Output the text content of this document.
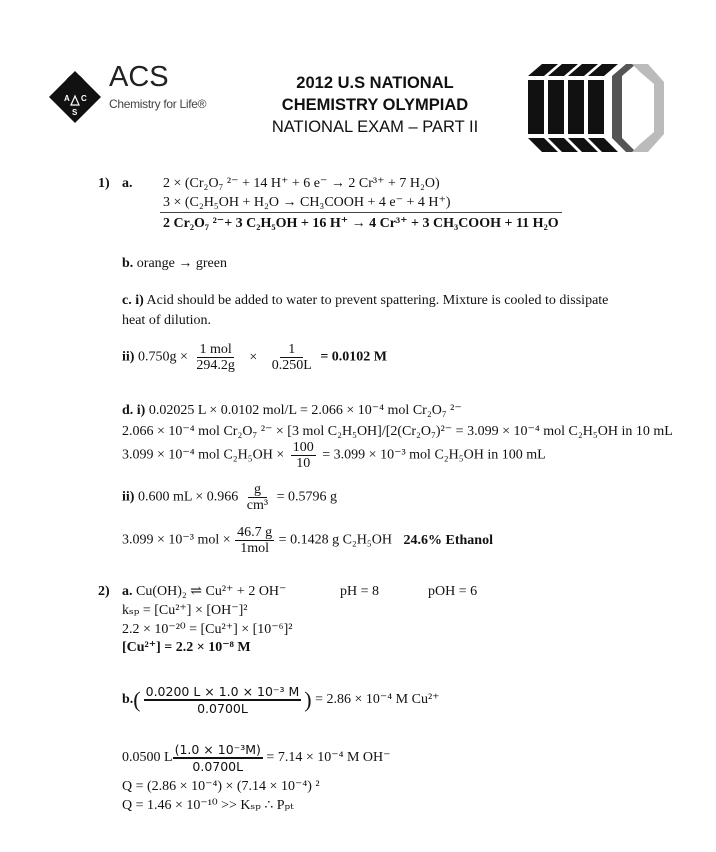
A C
S
ACS
Chemistry for Life®
2012 U.S NATIONAL
CHEMISTRY OLYMPIAD
NATIONAL EXAM – PART II
1) a. 2 × (Cr₂O₇ ²⁻ + 14 H⁺ + 6 e⁻ → 2 Cr³⁺ + 7 H₂O)
3 × (C₂H₅OH + H₂O → CH₃COOH + 4 e⁻ + 4 H⁺)
2 Cr₂O₇ ²⁻+ 3 C₂H₅OH + 16 H⁺ → 4 Cr³⁺ + 3 CH₃COOH + 11 H₂O
b. orange → green
c. i) Acid should be added to water to prevent spattering. Mixture is cooled to dissipate
heat of dilution.
ii) $0.750g \times \frac{\text{1 mol}}{294.2g} \times \frac{1}{0.250L} = 0.0102$ M
d. i) 0.02025 L × 0.0102 mol/L = 2.066 × 10⁻⁴ mol Cr₂O₇ ²⁻
2.066 × 10⁻⁴ mol Cr₂O₇ ²⁻ × [3 mol C₂H₅OH]/[2(Cr₂O₇)²⁻ = 3.099 × 10⁻⁴ mol C₂H₅OH in 10 mL
3.099 × 10⁻⁴ mol $C_2H_5OH \times \frac{100}{10} = 3.099 \times 10^{-3}$ mol C₂H₅OH in 100 mL
ii) 0.600 mL × $0.966 \frac{g}{\text{cm³}} = 0.5796$ g
3.099 × 10⁻³ mol × $\frac{46.7 g}{\text{1mol}} = 0.1428$ g C₂H₅OH 24.6% Ethanol
2) a. Cu(OH)₂ ⇌ Cu²⁺ + 2 OH⁻	pH = 8	pOH = 6
kₛₚ = [Cu²⁺] × [OH⁻]²
2.2 × 10⁻²⁰ = [Cu²⁺] × [10⁻⁶]²
[Cu²⁺] = 2.2 × 10⁻⁸ M
$b.( \frac{\text{0.0200 L × 1.0 × 10⁻³ M}}{0.0700L}$ ) = 2.86 × 10⁻⁴ M Cu²⁺
0.0500 L $\frac{\text{(1.0 × 10⁻³M)}}{0.0700L} = 7.14 \times 10^{-4}$ M OH⁻
Q = (2.86 × 10⁻⁴) × (7.14 × 10⁻⁴) ²
Q = 1.46 × 10⁻¹⁰ >> Kₛₚ ∴ Pₚₜ
